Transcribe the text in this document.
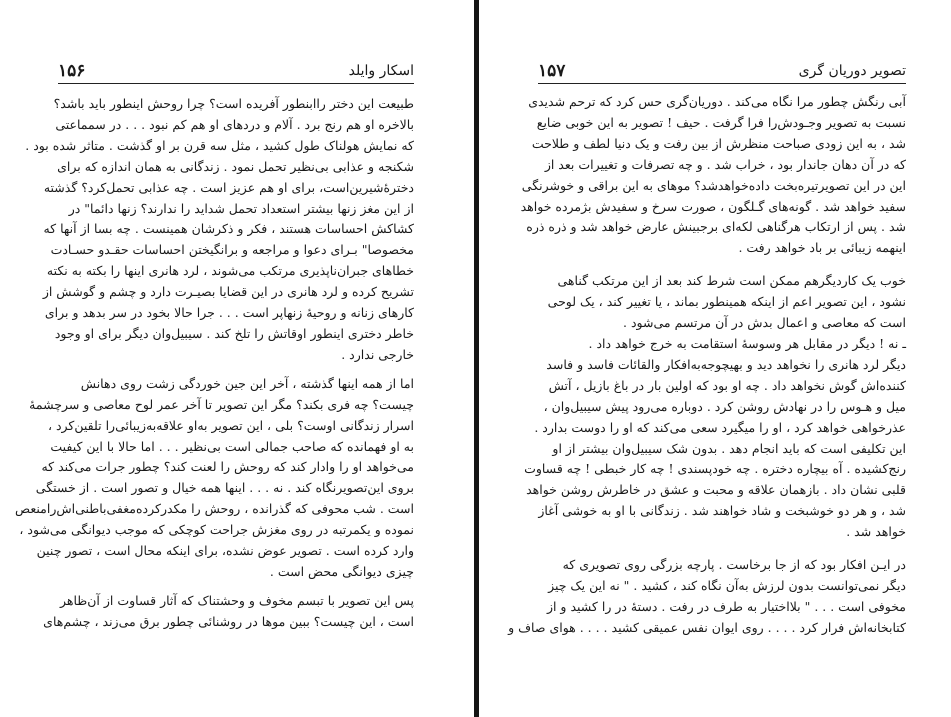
۱۵۶	اسکار وایلد
طبیعت این دختر راابنطور آفریده است؟ چرا روحش اینطور باید باشد؟
بالاخره او هم رنج برد . آلام و دردهای او هم کم نبود . . . در سمماعتی
که نمایش هولناک طول کشید ، مثل سه قرن بر او گذشت . متاثر شده بود .
شکنجه و عذابی بی‌نظیر تحمل نمود . زندگانی به همان اندازه که برای
دخترهٔ‌شیرین‌است، برای او هم عزیز است . چه عذابی تحمل‌کرد؟ گذشته
از این مغز زنها بیشتر استعداد تحمل شداید را ندارند؟ زنها دائما" در
کشاکش احساسات هستند ، فکر و ذکرشان همینست . چه بسا از آنها که
مخصوصا" بـرای دعوا و مراجعه و برانگیختن احساسات حقـدو حسـادت
خطاهای جبران‌ناپذیری مرتکب می‌شوند ، لرد هانری اینها را بکته به نکته
تشریح کرده و لرد هانری در این قضایا بصیـرت دارد و چشم و گوشش از
کارهای زنانه و روحیهٔ زنها‌پر است . . . جرا حالا بخود در سر بدهد و برای
خاطر دختری اینطور اوقاتش را تلخ کند . سیبیل‌وان دیگر برای او وجود
خارجی ندارد .
اما از همه اینها گذشته ، آخر این جین خوردگی زشت روی دهانش
چیست؟ چه فری بکند؟ مگر این تصویر تا آخر عمر لوح معاصی و سرچشمهٔ
اسرار زندگانی اوست؟ بلی ، این تصویر به‌او علاقه‌به‌زیبائی‌را تلقین‌کرد ،
به او فهمانده که صاحب جمالی است بی‌نظیر . . . اما حالا با این کیفیت
می‌خواهد او را وادار کند که روحش را لعنت کند؟ چطور جرات می‌کند که
بروی این‌تصویر‌نگاه کند . نه . . . اینها همه خیال و تصور است . از خستگی
است . شب محوفی که گذرانده ، روحش را مکدر‌کرده‌مغفی‌باطنی‌اش‌رامنعص
نموده و یکمرتبه در روی مغزش جراحت کوچکی که موجب دیوانگی می‌شود ،
وارد کرده است . تصویر عوض نشده، برای اینکه محال است ، تصور چنین
چیزی دیوانگی محض است .
پس این تصویر با تبسم مخوف و وحشتناک که آثار قساوت از آن‌ظاهر
است ، این چیست؟ ببین موها در روشنائی چطور برق می‌زند ، چشم‌های
۱۵۷	تصویر دوریان گری
آبی رنگش چطور مرا نگاه می‌کند . دوریان‌گری حس کرد که ترحم شدیدی
نسبت به تصویر وجـودش‌را فرا گرفت . حیف ! تصویر به این خوبی ضایع
شد ، به این زودی صباحت منظرش از بین رفت و یک دنیا لطف و طلاحت
که در آن دهان جاندار بود ، خراب شد . و چه تصرفات و تغییرات بعد از
این در این تصویر‌تیره‌بخت داده‌خواهد‌شد؟ موهای به این براقی و خوشرنگی
سفید خواهد شد . گونه‌های گـلگون ، صورت سرخ و سفیدش بژمرده خواهد
شد . پس از ارتکاب هرگناهی لکه‌ای برجبینش عارض خواهد شد و ذره ذره
اینهمه زیبائی بر باد خواهد رفت .
خوب یک کاردیگرهم ممکن است شرط کند بعد از این مرتکب گناهی
نشود ، این تصویر اعم از اینکه همینطور بماند ، یا تغییر کند ، یک لوحی
است که معاصی و اعمال بدش در آن مرتسم می‌شود .
ـ نه ! دیگر در مقابل هر وسوسهٔ استقامت به خرج خواهد داد .
دیگر لرد هانری را نخواهد دید و بهیچوجه‌به‌افکار والقائات فاسد و فاسد
کننده‌اش گوش نخواهد داد . چه او بود که اولین بار در باغ بازیل ، آتش
میل و هـوس را در نهادش روشن کرد . دوباره می‌رود پیش سیبیل‌وان ،
عذرخواهی خواهد کرد ، او را میگیرد سعی می‌کند که او را دوست بدارد .
این تکلیفی است که باید انجام دهد . بدون شک سیبیل‌وان بیشتر از او
رنج‌کشیده . آه بیچاره دختره . چه خودپسندی ! چه کار خبطی ! چه قساوت
قلبی نشان داد . بازهمان علاقه و محبت و عشق در خاطرش روشن خواهد
شد ، و هر دو خوشبخت و شاد خواهند شد . زندگانی با او به خوشی آغاز
خواهد شد .
در ایـن افکار بود که از جا برخاست . پارچه بزرگی روی تصویری که
دیگر نمی‌توانست بدون لرزش به‌آن نگاه کند ، کشید . " نه این یک چیز
مخوفی است . . . " بلااختیار به طرف در رفت . دستهٔ در را کشید و از
کتابخانه‌اش فرار کرد . . . . روی ایوان نفس عمیقی کشید . . . . هوای صاف و
